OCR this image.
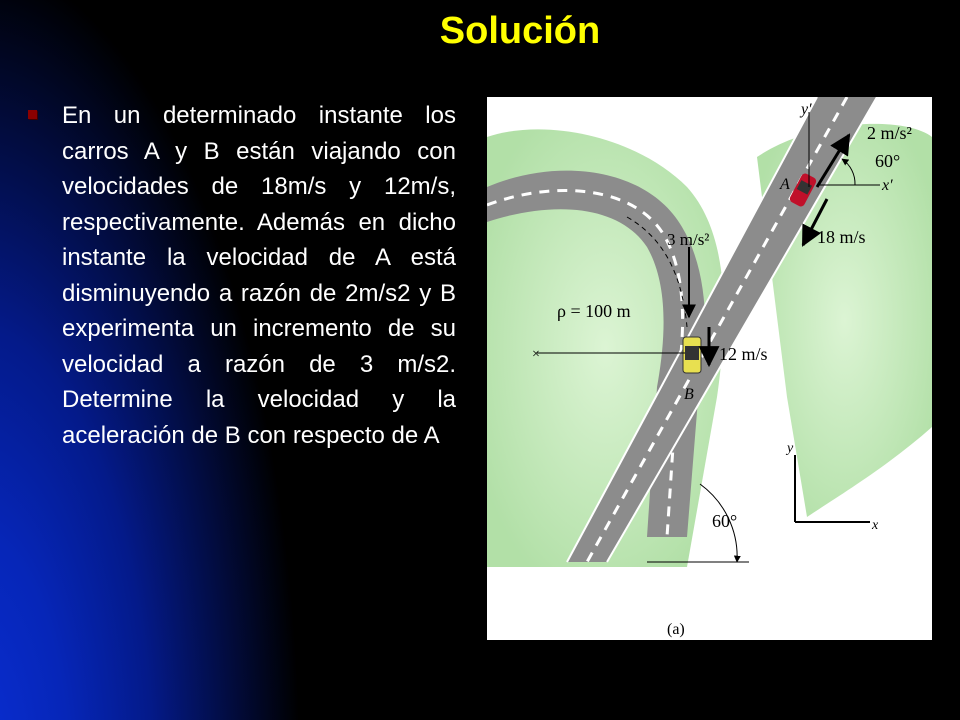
Solución
En un determinado instante los carros A y B están viajando con velocidades de 18m/s y 12m/s, respectivamente. Además en dicho instante la velocidad de A está disminuyendo a razón de 2m/s2 y B experimenta un incremento de su velocidad a razón de 3 m/s2. Determine la velocidad y la aceleración de B con respecto de A
×
2 m/s²
60°
A	x′
y′
18 m/s
3 m/s²
ρ = 100 m
12 m/s
B
y
x
60°
(a)
